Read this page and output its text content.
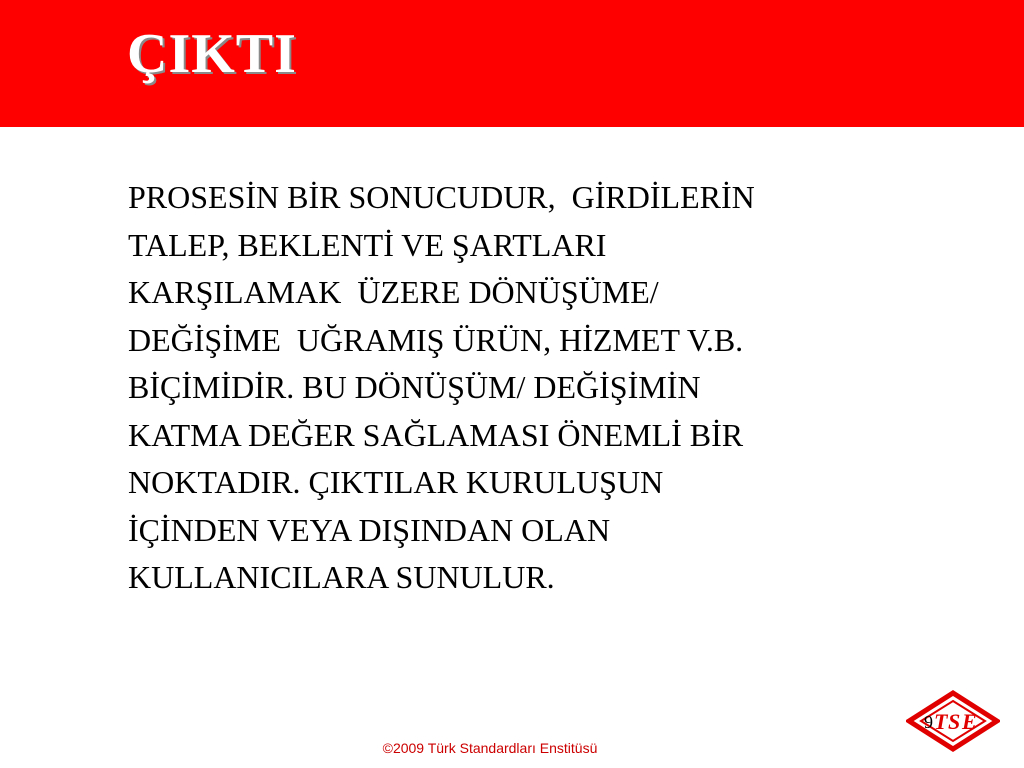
ÇIKTI
PROSESİN BİR SONUCUDUR,  GİRDİLERİN
TALEP, BEKLENTİ VE ŞARTLARI
KARŞILAMAK  ÜZERE DÖNÜŞÜME/
DEĞİŞİME  UĞRAMIŞ ÜRÜN, HİZMET V.B.
BİÇİMİDİR. BU DÖNÜŞÜM/ DEĞİŞİMİN
KATMA DEĞER SAĞLAMASI ÖNEMLİ BİR
NOKTADIR. ÇIKTILAR KURULUŞUN
İÇİNDEN VEYA DIŞINDAN OLAN
KULLANICILARA SUNULUR.
T S E
9
©2009 Türk Standardları Enstitüsü
